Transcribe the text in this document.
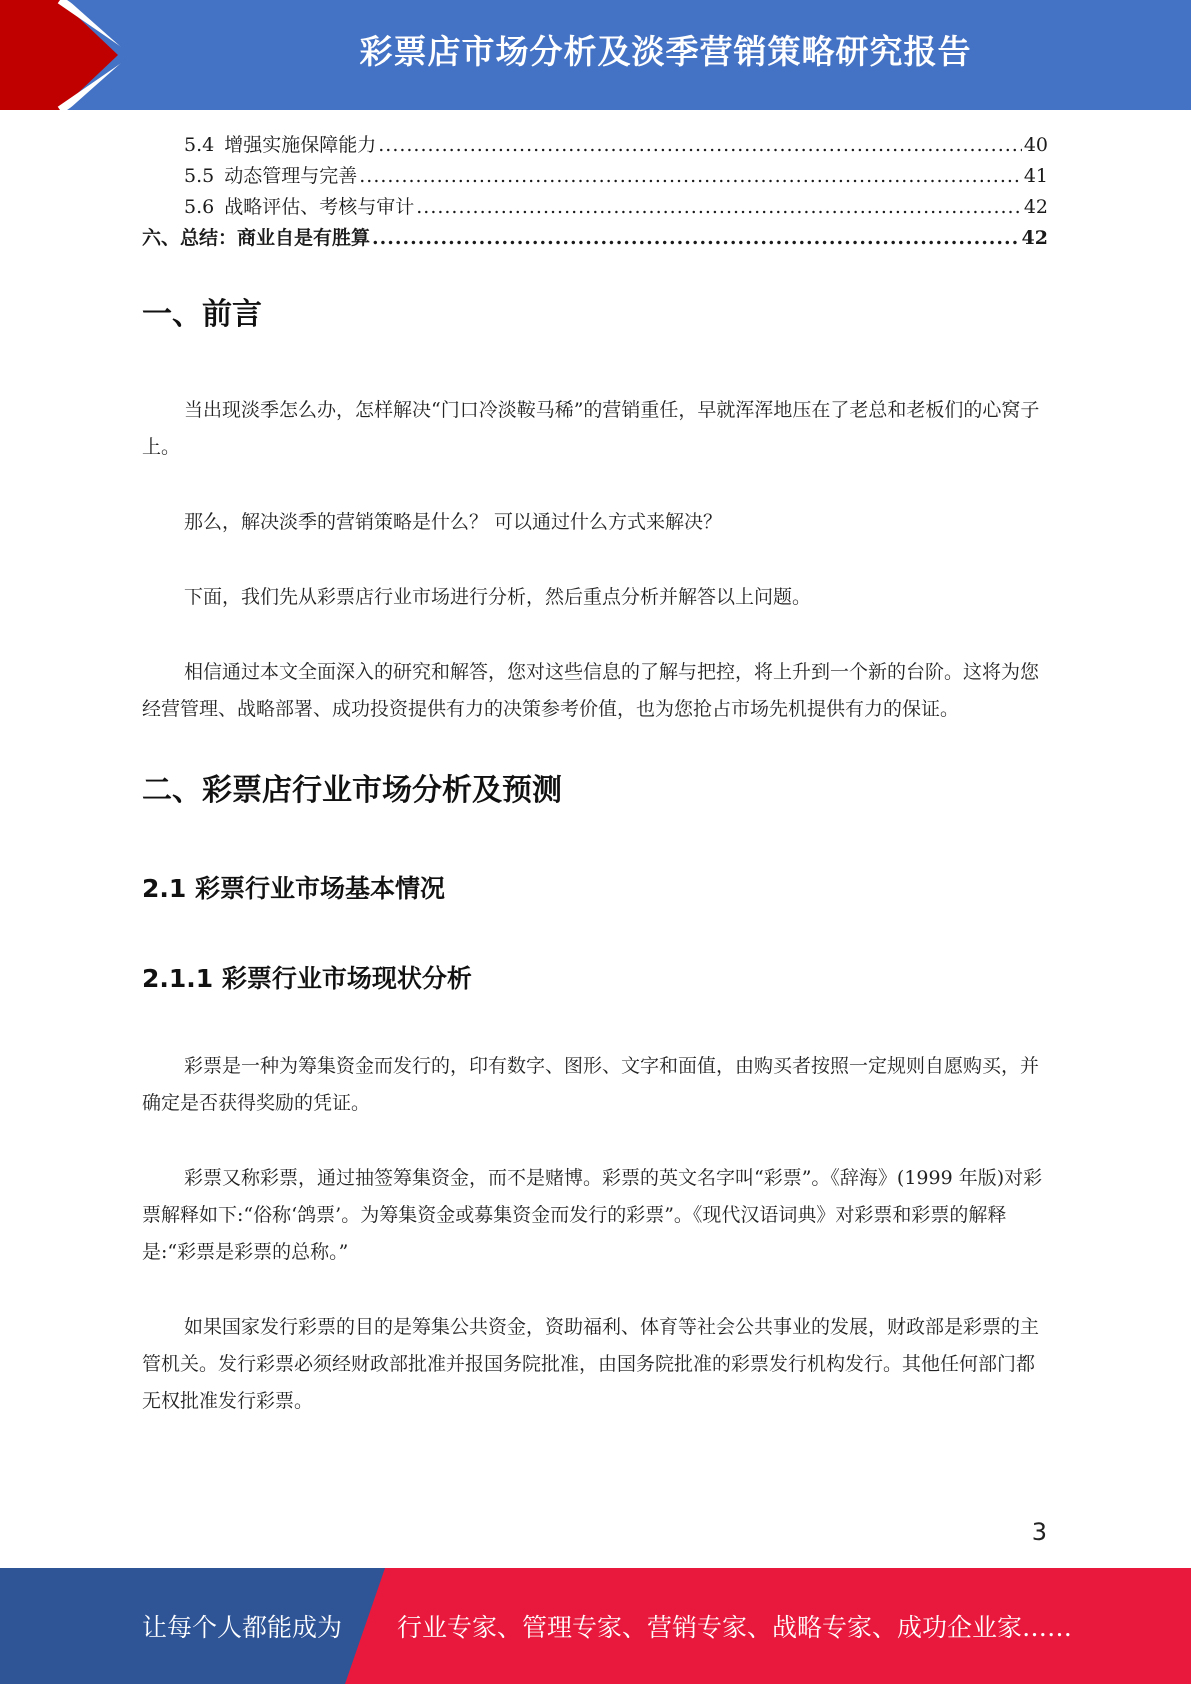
彩票店市场分析及淡季营销策略研究报告
5.4 增强实施保障能力 .....	40
5.5 动态管理与完善 .....	41
5.6 战略评估、考核与审计 .....	42
六、总结：商业自是有胜算 .....	42
一、前言

当出现淡季怎么办，怎样解决“门口冷淡鞍马稀”的营销重任，早就浑浑地压在了老总和老板们的心窝子上。

那么，解决淡季的营销策略是什么？ 可以通过什么方式来解决？

下面，我们先从彩票店行业市场进行分析，然后重点分析并解答以上问题。

相信通过本文全面深入的研究和解答，您对这些信息的了解与把控，将上升到一个新的台阶。这将为您经营管理、战略部署、成功投资提供有力的决策参考价值，也为您抢占市场先机提供有力的保证。

二、彩票店行业市场分析及预测
2.1 彩票行业市场基本情况
2.1.1 彩票行业市场现状分析

彩票是一种为筹集资金而发行的，印有数字、图形、文字和面值，由购买者按照一定规则自愿购买，并确定是否获得奖励的凭证。

彩票又称彩票，通过抽签筹集资金，而不是赌博。彩票的英文名字叫“彩票”。《辞海》(1999 年版)对彩票解释如下:“俗称‘鸽票’。为筹集资金或募集资金而发行的彩票”。《现代汉语词典》对彩票和彩票的解释是:“彩票是彩票的总称。”

如果国家发行彩票的目的是筹集公共资金，资助福利、体育等社会公共事业的发展，财政部是彩票的主管机关。发行彩票必须经财政部批准并报国务院批准，由国务院批准的彩票发行机构发行。其他任何部门都无权批准发行彩票。

3
让每个人都能成为 行业专家、管理专家、营销专家、战略专家、成功企业家……
